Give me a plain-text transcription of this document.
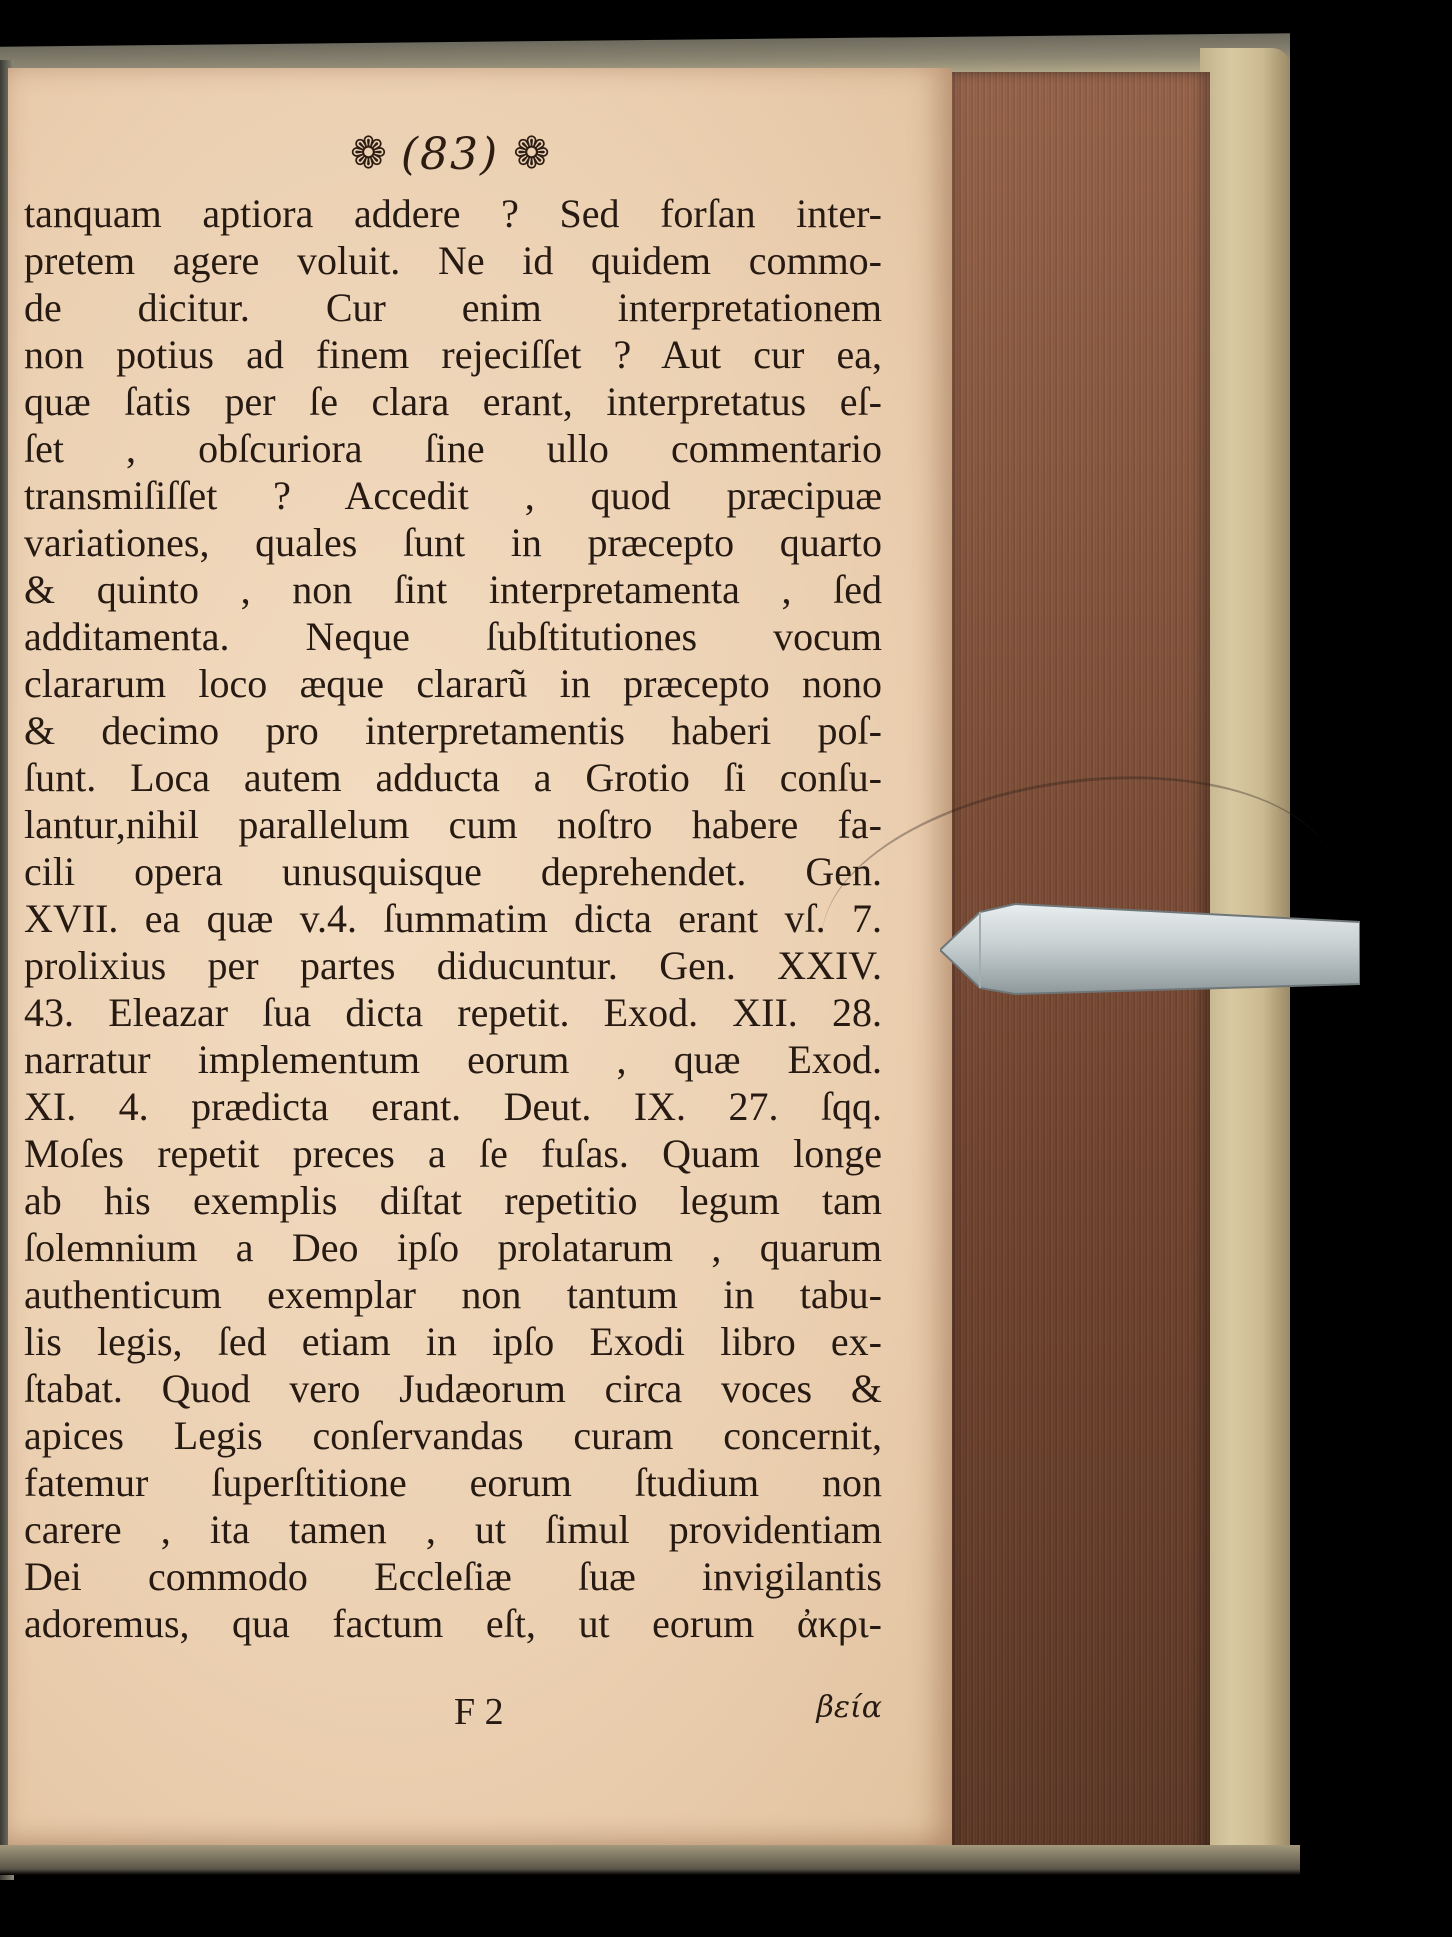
❁ (83) ❁
tanquam aptiora addere ? Sed forſan inter-
pretem agere voluit. Ne id quidem commo-
de dicitur. Cur enim interpretationem
non potius ad finem rejeciſſet ? Aut cur ea,
quæ ſatis per ſe clara erant, interpretatus eſ-
ſet , obſcuriora ſine ullo commentario
transmiſiſſet ? Accedit , quod præcipuæ
variationes, quales ſunt in præcepto quarto
& quinto , non ſint interpretamenta , ſed
additamenta. Neque ſubſtitutiones vocum
clararum loco æque clararũ in præcepto nono
& decimo pro interpretamentis haberi poſ-
ſunt. Loca autem adducta a Grotio ſi conſu-
lantur,nihil parallelum cum noſtro habere fa-
cili opera unusquisque deprehendet. Gen.
XVII. ea quæ v.4. ſummatim dicta erant vſ. 7.
prolixius per partes diducuntur. Gen. XXIV.
43. Eleazar ſua dicta repetit. Exod. XII. 28.
narratur implementum eorum , quæ Exod.
XI. 4. prædicta erant. Deut. IX. 27. ſqq.
Moſes repetit preces a ſe fuſas. Quam longe
ab his exemplis diſtat repetitio legum tam
ſolemnium a Deo ipſo prolatarum , quarum
authenticum exemplar non tantum in tabu-
lis legis, ſed etiam in ipſo Exodi libro ex-
ſtabat. Quod vero Judæorum circa voces &
apices Legis conſervandas curam concernit,
fatemur ſuperſtitione eorum ſtudium non
carere , ita tamen , ut ſimul providentiam
Dei commodo Eccleſiæ ſuæ invigilantis
adoremus, qua factum eſt, ut eorum ἀκρι-
F 2	βεία
